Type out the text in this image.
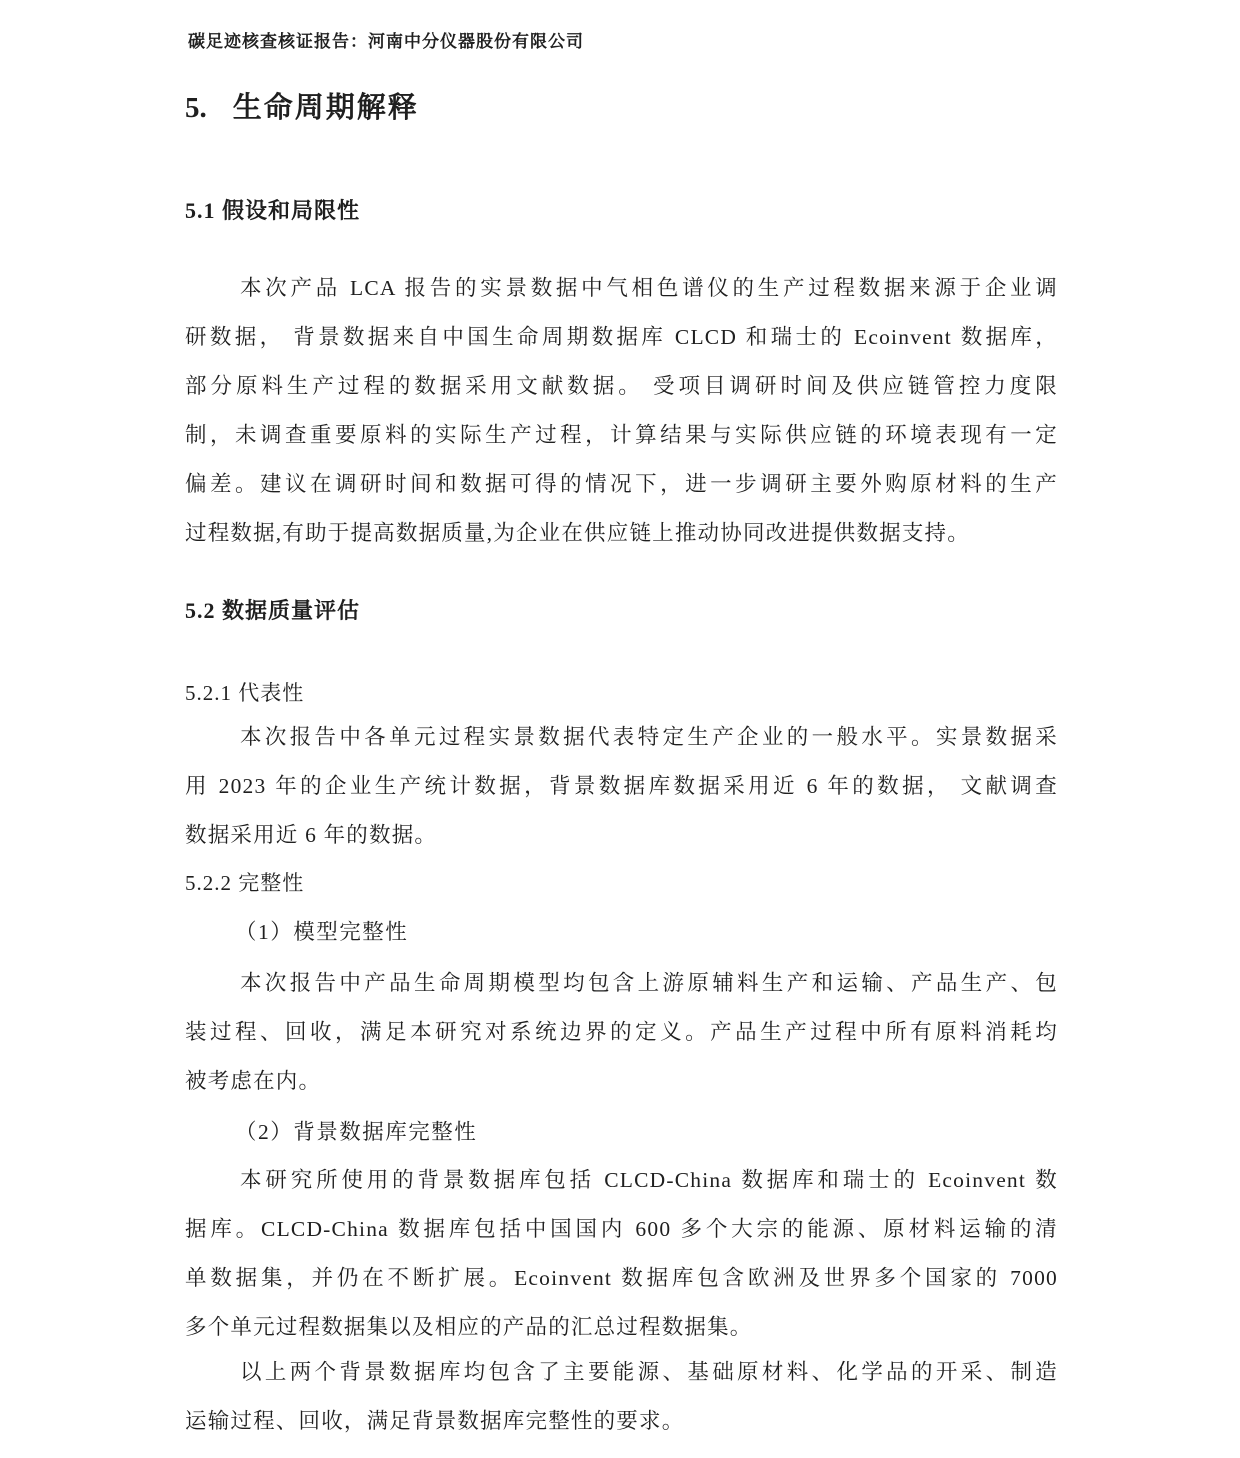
碳足迹核查核证报告：河南中分仪器股份有限公司
5. 生命周期解释
5.1 假设和局限性
本次产品 LCA 报告的实景数据中气相色谱仪的生产过程数据来源于企业调
研数据， 背景数据来自中国生命周期数据库 CLCD 和瑞士的 Ecoinvent 数据库，
部分原料生产过程的数据采用文献数据。 受项目调研时间及供应链管控力度限
制，未调查重要原料的实际生产过程，计算结果与实际供应链的环境表现有一定
偏差。建议在调研时间和数据可得的情况下，进一步调研主要外购原材料的生产
过程数据,有助于提高数据质量,为企业在供应链上推动协同改进提供数据支持。
5.2 数据质量评估
5.2.1 代表性
本次报告中各单元过程实景数据代表特定生产企业的一般水平。实景数据采
用 2023 年的企业生产统计数据，背景数据库数据采用近 6 年的数据， 文献调查
数据采用近 6 年的数据。
5.2.2 完整性
（1）模型完整性
本次报告中产品生命周期模型均包含上游原辅料生产和运输、产品生产、包
装过程、回收，满足本研究对系统边界的定义。产品生产过程中所有原料消耗均
被考虑在内。
（2）背景数据库完整性
本研究所使用的背景数据库包括 CLCD-China 数据库和瑞士的 Ecoinvent 数
据库。CLCD-China 数据库包括中国国内 600 多个大宗的能源、原材料运输的清
单数据集，并仍在不断扩展。Ecoinvent 数据库包含欧洲及世界多个国家的 7000
多个单元过程数据集以及相应的产品的汇总过程数据集。
以上两个背景数据库均包含了主要能源、基础原材料、化学品的开采、制造
运输过程、回收，满足背景数据库完整性的要求。
